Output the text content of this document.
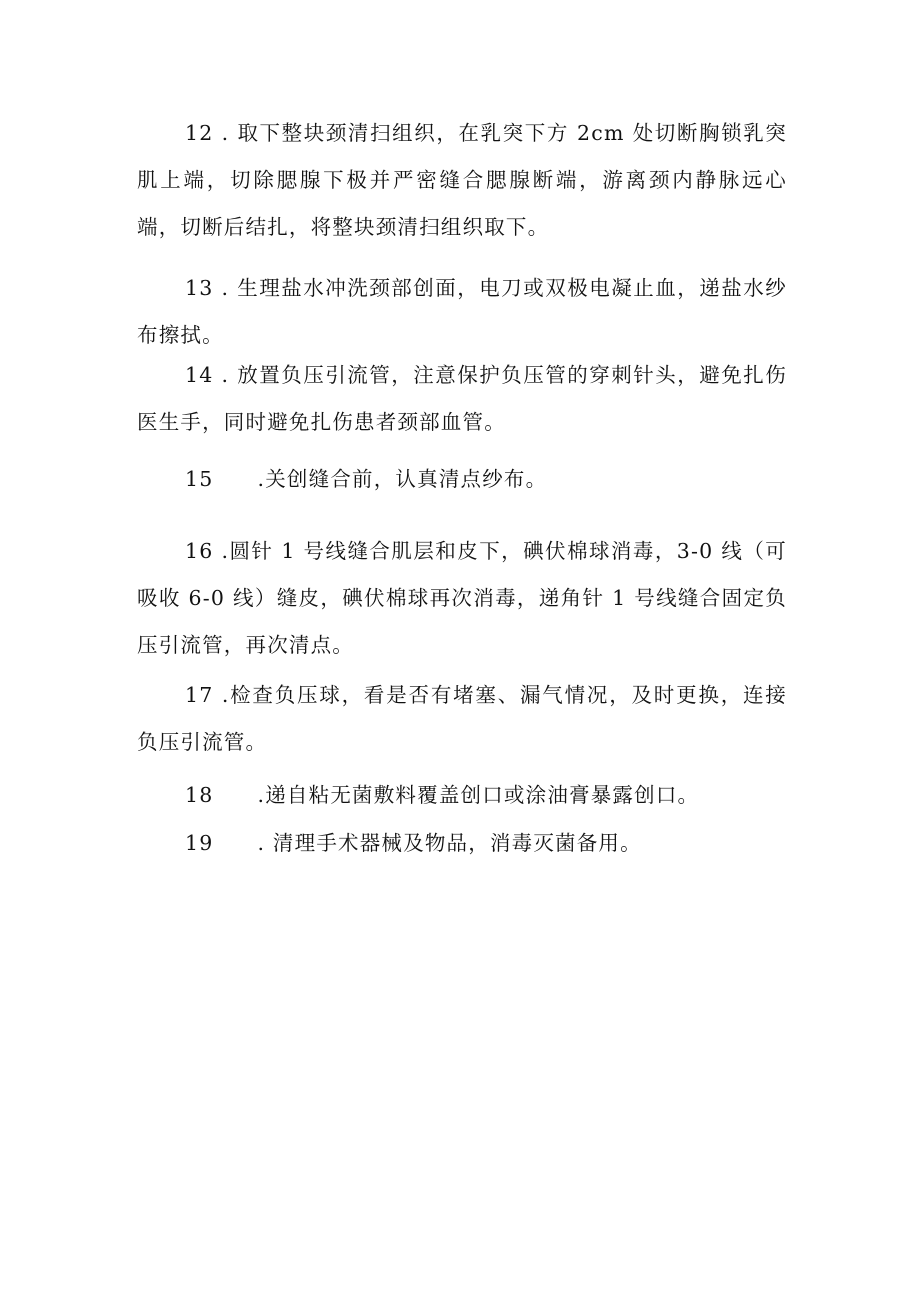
12 . 取下整块颈清扫组织，在乳突下方 2cm 处切断胸锁乳突肌上端，切除腮腺下极并严密缝合腮腺断端，游离颈内静脉远心端，切断后结扎，将整块颈清扫组织取下。

13 . 生理盐水冲洗颈部创面，电刀或双极电凝止血，递盐水纱布擦拭。

14 . 放置负压引流管，注意保护负压管的穿刺针头，避免扎伤医生手，同时避免扎伤患者颈部血管。

15 .关创缝合前，认真清点纱布。

16 .圆针 1 号线缝合肌层和皮下，碘伏棉球消毒，3-0 线（可吸收 6-0 线）缝皮，碘伏棉球再次消毒，递角针 1 号线缝合固定负压引流管，再次清点。

17 .检查负压球，看是否有堵塞、漏气情况，及时更换，连接负压引流管。

18 .递自粘无菌敷料覆盖创口或涂油膏暴露创口。

19 . 清理手术器械及物品，消毒灭菌备用。
